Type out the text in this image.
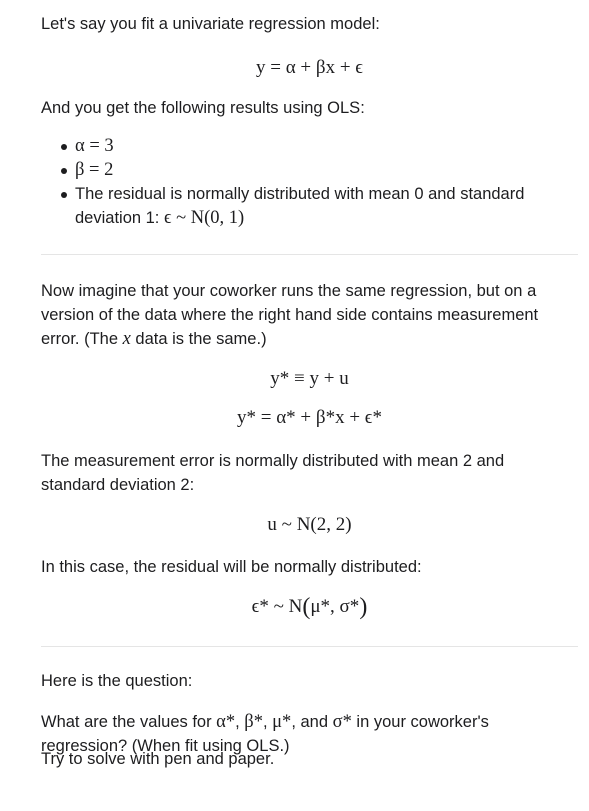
Let's say you fit a univariate regression model:

y = α + βx + ϵ

And you get the following results using OLS:

α = 3
β = 2
The residual is normally distributed with mean 0 and standard deviation 1: ϵ ~ N(0, 1)

Now imagine that your coworker runs the same regression, but on a version of the data where the right hand side contains measurement error. (The x data is the same.)

y* ≡ y + u
y* = α* + β*x + ϵ*

The measurement error is normally distributed with mean 2 and standard deviation 2:

u ~ N(2, 2)

In this case, the residual will be normally distributed:

ϵ* ~ N(μ*, σ*)

Here is the question:

What are the values for α*, β*, μ*, and σ* in your coworker's regression? (When fit using OLS.)

Try to solve with pen and paper.
